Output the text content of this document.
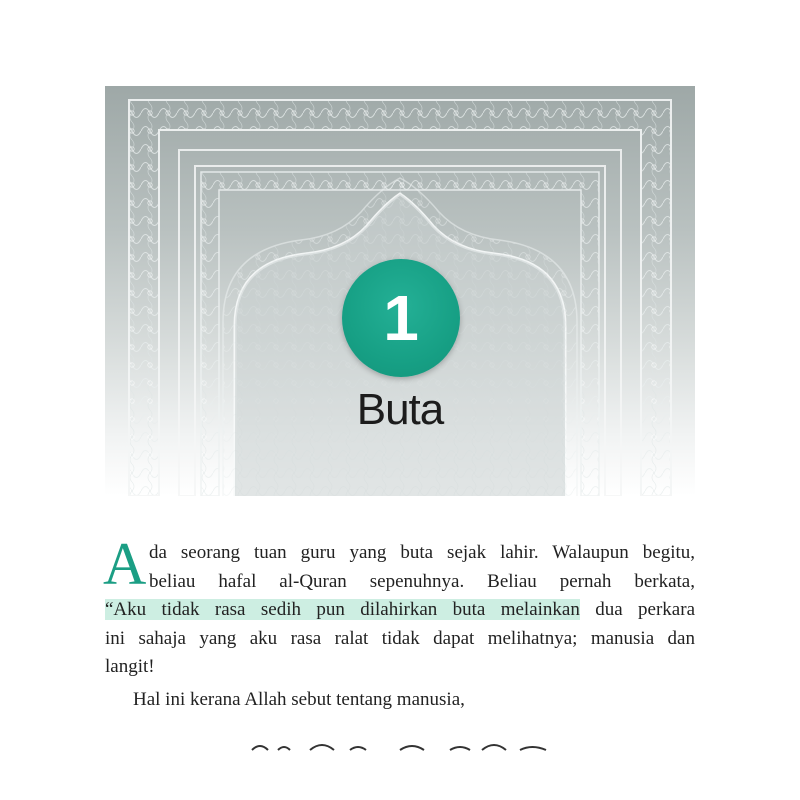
1
Buta
A da seorang tuan guru yang buta sejak lahir. Walaupun begitu,
beliau hafal al-Quran sepenuhnya. Beliau pernah berkata,
“Aku tidak rasa sedih pun dilahirkan buta melainkan dua perkara
ini sahaja yang aku rasa ralat tidak dapat melihatnya; manusia dan
langit!
Hal ini kerana Allah sebut tentang manusia,
